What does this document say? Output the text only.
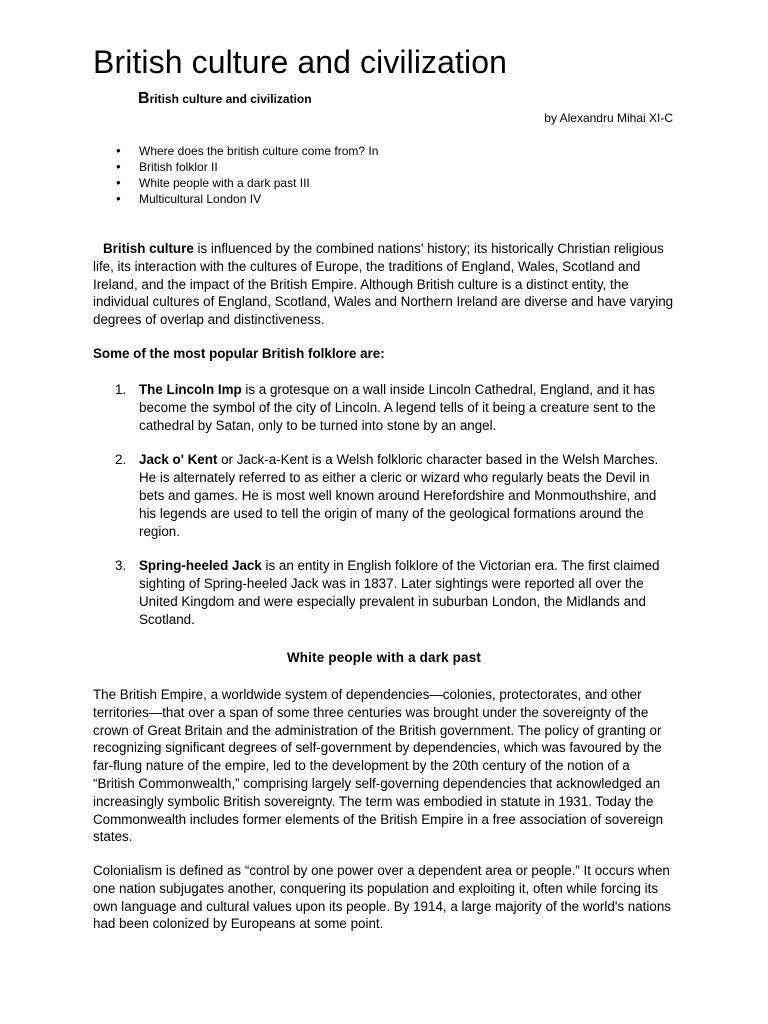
British culture and civilization
British culture and civilization
by Alexandru Mihai XI-C
● Where does the british culture come from? In
● British folklor II
● White people with a dark past III
● Multicultural London IV

British culture is influenced by the combined nations' history; its historically Christian religious life, its interaction with the cultures of Europe, the traditions of England, Wales, Scotland and Ireland, and the impact of the British Empire. Although British culture is a distinct entity, the individual cultures of England, Scotland, Wales and Northern Ireland are diverse and have varying degrees of overlap and distinctiveness.

Some of the most popular British folklore are:

1. The Lincoln Imp is a grotesque on a wall inside Lincoln Cathedral, England, and it has become the symbol of the city of Lincoln. A legend tells of it being a creature sent to the cathedral by Satan, only to be turned into stone by an angel.
2. Jack o' Kent or Jack-a-Kent is a Welsh folkloric character based in the Welsh Marches. He is alternately referred to as either a cleric or wizard who regularly beats the Devil in bets and games. He is most well known around Herefordshire and Monmouthshire, and his legends are used to tell the origin of many of the geological formations around the region.
3. Spring-heeled Jack is an entity in English folklore of the Victorian era. The first claimed sighting of Spring-heeled Jack was in 1837. Later sightings were reported all over the United Kingdom and were especially prevalent in suburban London, the Midlands and Scotland.
White people with a dark past

The British Empire, a worldwide system of dependencies—colonies, protectorates, and other territories—that over a span of some three centuries was brought under the sovereignty of the crown of Great Britain and the administration of the British government. The policy of granting or recognizing significant degrees of self-government by dependencies, which was favoured by the far-flung nature of the empire, led to the development by the 20th century of the notion of a “British Commonwealth,” comprising largely self-governing dependencies that acknowledged an increasingly symbolic British sovereignty. The term was embodied in statute in 1931. Today the Commonwealth includes former elements of the British Empire in a free association of sovereign states.

Colonialism is defined as “control by one power over a dependent area or people.” It occurs when one nation subjugates another, conquering its population and exploiting it, often while forcing its own language and cultural values upon its people. By 1914, a large majority of the world's nations had been colonized by Europeans at some point.
